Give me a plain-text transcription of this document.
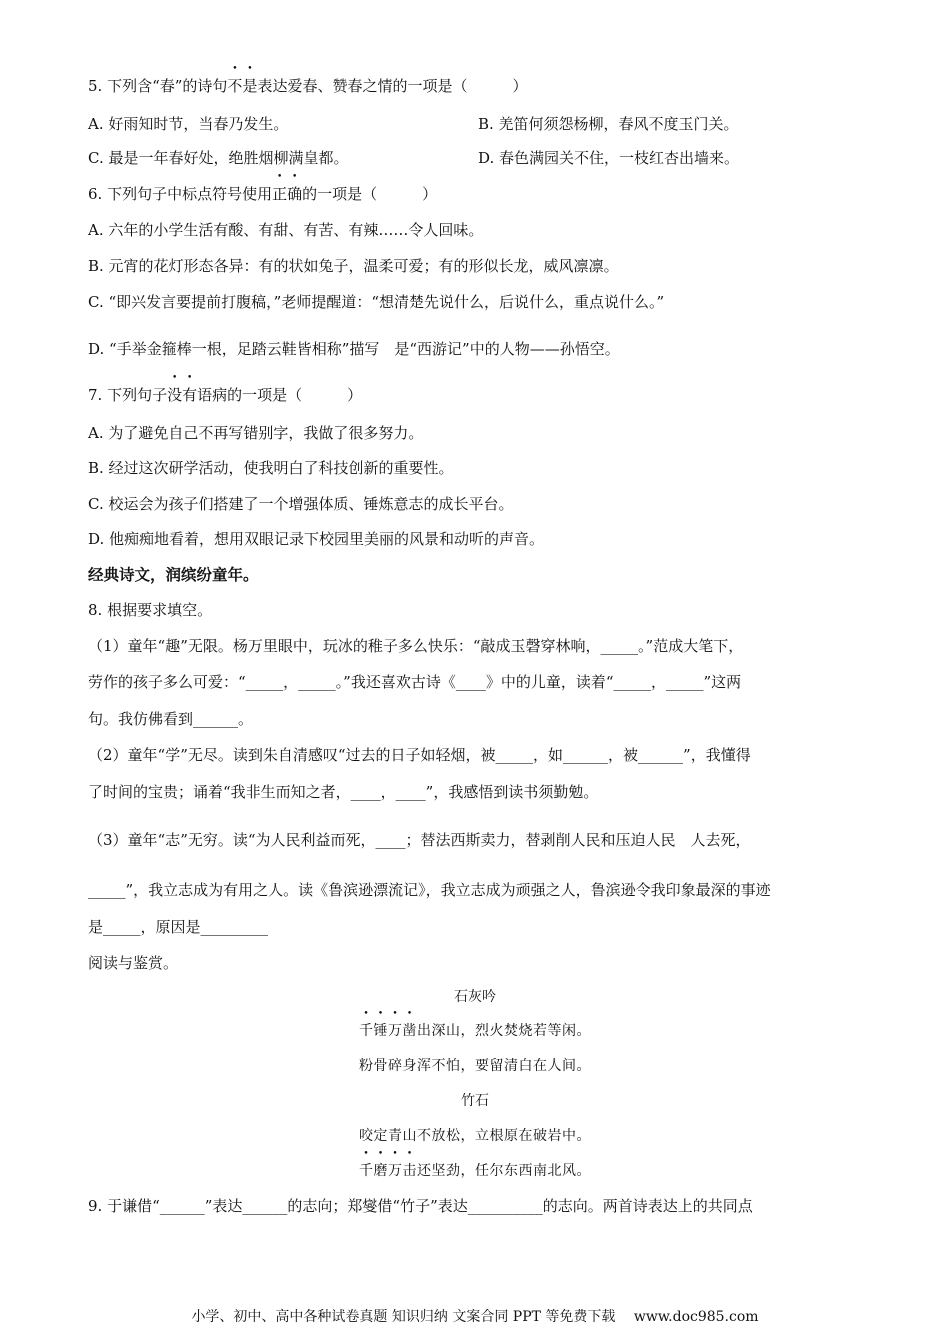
5. 下列含“春”的诗句不是表达爱春、赞春之情的一项是（　　　）
A. 好雨知时节，当春乃发生。	B. 羌笛何须怨杨柳，春风不度玉门关。
C. 最是一年春好处，绝胜烟柳满皇都。	D. 春色满园关不住，一枝红杏出墙来。
6. 下列句子中标点符号使用正确的一项是（　　　）
A. 六年的小学生活有酸、有甜、有苦、有辣……令人回味。
B. 元宵的花灯形态各异：有的状如兔子，温柔可爱；有的形似长龙，威风凛凛。
C. “即兴发言要提前打腹稿，”老师提醒道：“想清楚先说什么，后说什么，重点说什么。”
D. “手举金箍棒一根，足踏云鞋皆相称”描写　是“西游记”中的人物——孙悟空。
7. 下列句子没有语病的一项是（　　　）
A. 为了避免自己不再写错别字，我做了很多努力。
B. 经过这次研学活动，使我明白了科技创新的重要性。
C. 校运会为孩子们搭建了一个增强体质、锤炼意志的成长平台。
D. 他痴痴地看着，想用双眼记录下校园里美丽的风景和动听的声音。
经典诗文，润缤纷童年。
8. 根据要求填空。
（1）童年“趣”无限。杨万里眼中，玩冰的稚子多么快乐：“敲成玉磬穿林响，_____。”范成大笔下，
劳作的孩子多么可爱：“_____，_____。”我还喜欢古诗《____》中的儿童，读着“_____，_____”这两
句。我仿佛看到______。
（2）童年“学”无尽。读到朱自清感叹“过去的日子如轻烟，被_____，如______，被______”，我懂得
了时间的宝贵；诵着“我非生而知之者，____，____”，我感悟到读书须勤勉。
（3）童年“志”无穷。读“为人民利益而死，____；替法西斯卖力，替剥削人民和压迫人民　人去死，
_____”，我立志成为有用之人。读《鲁滨逊漂流记》，我立志成为顽强之人，鲁滨逊令我印象最深的事迹
是_____，原因是_________
阅读与鉴赏。
石灰吟
千锤万凿出深山，烈火焚烧若等闲。
粉骨碎身浑不怕，要留清白在人间。
竹石
咬定青山不放松，立根原在破岩中。
千磨万击还坚劲，任尔东西南北风。
9. 于谦借“______”表达______的志向；郑燮借“竹子”表达__________的志向。两首诗表达上的共同点
小学、初中、高中各种试卷真题 知识归纳 文案合同 PPT 等免费下载　 www.doc985.com
